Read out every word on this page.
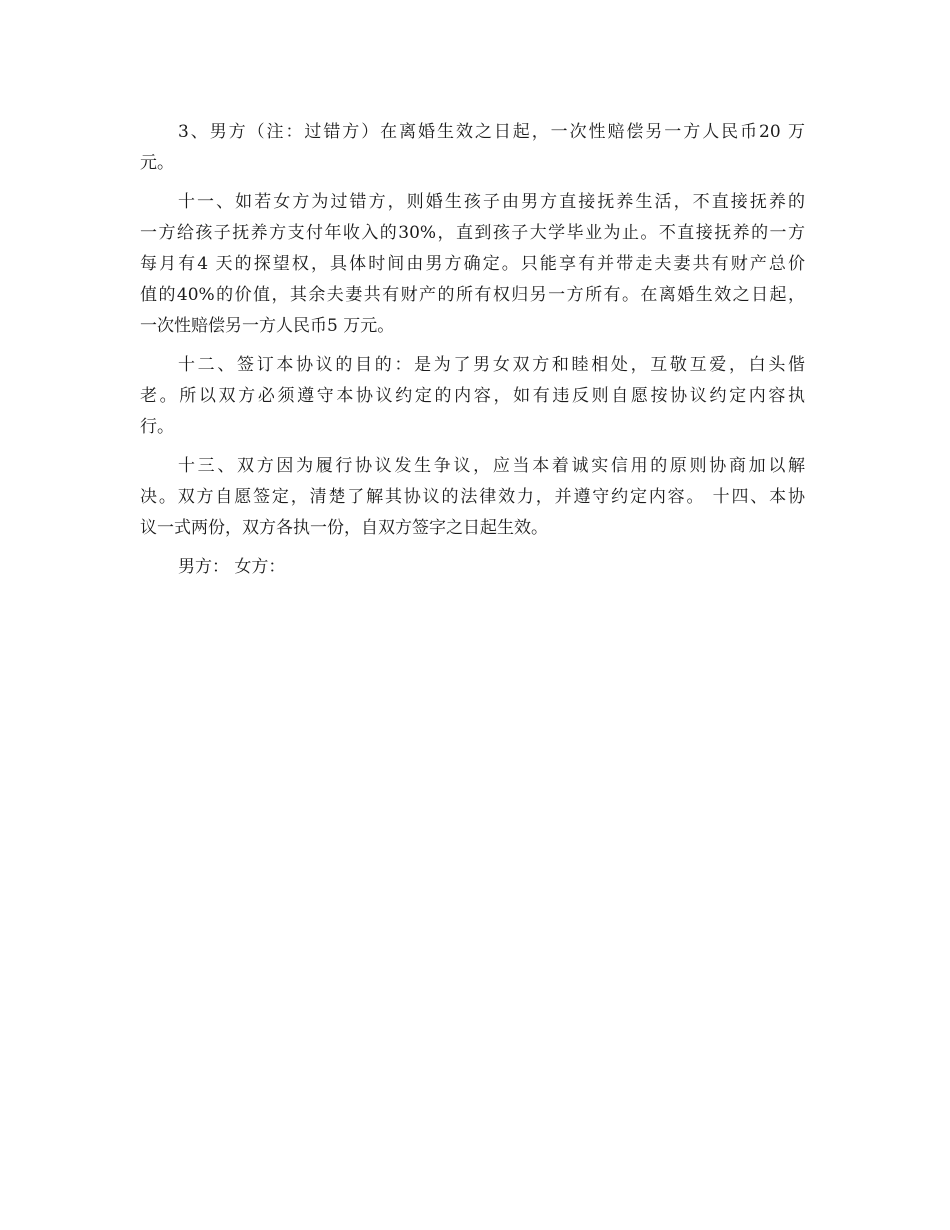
3、男方（注：过错方）在离婚生效之日起，一次性赔偿另一方人民币20 万
元。
十一、如若女方为过错方，则婚生孩子由男方直接抚养生活，不直接抚养的
一方给孩子抚养方支付年收入的30%，直到孩子大学毕业为止。不直接抚养的一方
每月有4 天的探望权，具体时间由男方确定。只能享有并带走夫妻共有财产总价
值的40%的价值，其余夫妻共有财产的所有权归另一方所有。在离婚生效之日起，
一次性赔偿另一方人民币5 万元。
十二、签订本协议的目的：是为了男女双方和睦相处，互敬互爱，白头偕
老。所以双方必须遵守本协议约定的内容，如有违反则自愿按协议约定内容执
行。
十三、双方因为履行协议发生争议，应当本着诚实信用的原则协商加以解
决。双方自愿签定，清楚了解其协议的法律效力，并遵守约定内容。 十四、本协
议一式两份，双方各执一份，自双方签字之日起生效。
男方： 女方：
